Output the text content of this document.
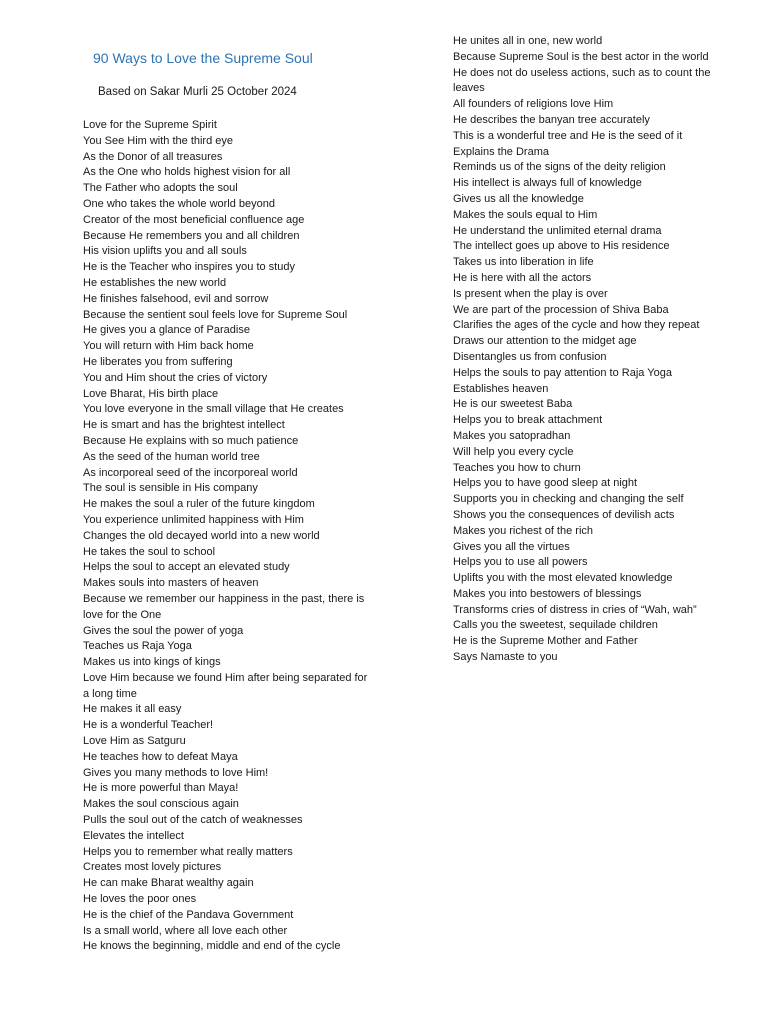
90 Ways to Love the Supreme Soul
Based on Sakar Murli 25 October 2024
Love for the Supreme Spirit
You See Him with the third eye
As the Donor of all treasures
As the One who holds highest vision for all
The Father who adopts the soul
One who takes the whole world beyond
Creator of the most beneficial confluence age
Because He remembers you and all children
His vision uplifts you and all souls
He is the Teacher who inspires you to study
He establishes the new world
He finishes falsehood, evil and sorrow
Because the sentient soul feels love for Supreme Soul
He gives you a glance of Paradise
You will return with Him back home
He liberates you from suffering
You and Him shout the cries of victory
Love Bharat, His birth place
You love everyone in the small village that He creates
He is smart and has the brightest intellect
Because He explains with so much patience
As the seed of the human world tree
As incorporeal seed of the incorporeal world
The soul is sensible in His company
He makes the soul a ruler of the future kingdom
You experience unlimited happiness with Him
Changes the old decayed world into a new world
He takes the soul to school
Helps the soul to accept an elevated study
Makes souls into masters of heaven
Because we remember our happiness in the past, there is love for the One
Gives the soul the power of yoga
Teaches us Raja Yoga
Makes us into kings of kings
Love Him because we found Him after being separated for a long time
He makes it all easy
He is a wonderful Teacher!
Love Him as Satguru
He teaches how to defeat Maya
Gives you many methods to love Him!
He is more powerful than Maya!
Makes the soul conscious again
Pulls the soul out of the catch of weaknesses
Elevates the intellect
Helps you to remember what really matters
Creates most lovely pictures
He can make Bharat wealthy again
He loves the poor ones
He is the chief of the Pandava Government
Is a small world, where all love each other
He knows the beginning, middle and end of the cycle
He unites all in one, new world
Because Supreme Soul is the best actor in the world
He does not do useless actions, such as to count the leaves
All founders of religions love Him
He describes the banyan tree accurately
This is a wonderful tree and He is the seed of it
Explains the Drama
Reminds us of the signs of the deity religion
His intellect is always full of knowledge
Gives us all the knowledge
Makes the souls equal to Him
He understand the unlimited eternal drama
The intellect goes up above to His residence
Takes us into liberation in life
He is here with all the actors
Is present when the play is over
We are part of the procession of Shiva Baba
Clarifies the ages of the cycle and how they repeat
Draws our attention to the midget age
Disentangles us from confusion
Helps the souls to pay attention to Raja Yoga
Establishes heaven
He is our sweetest Baba
Helps you to break attachment
Makes you satopradhan
Will help you every cycle
Teaches you how to churn
Helps you to have good sleep at night
Supports you in checking and changing the self
Shows you the consequences of devilish acts
Makes you richest of the rich
Gives you all the virtues
Helps you to use all powers
Uplifts you with the most elevated knowledge
Makes you into bestowers of blessings
Transforms cries of distress in cries of “Wah, wah”
Calls you the sweetest, sequilade children
He is the Supreme Mother and Father
Says Namaste to you
